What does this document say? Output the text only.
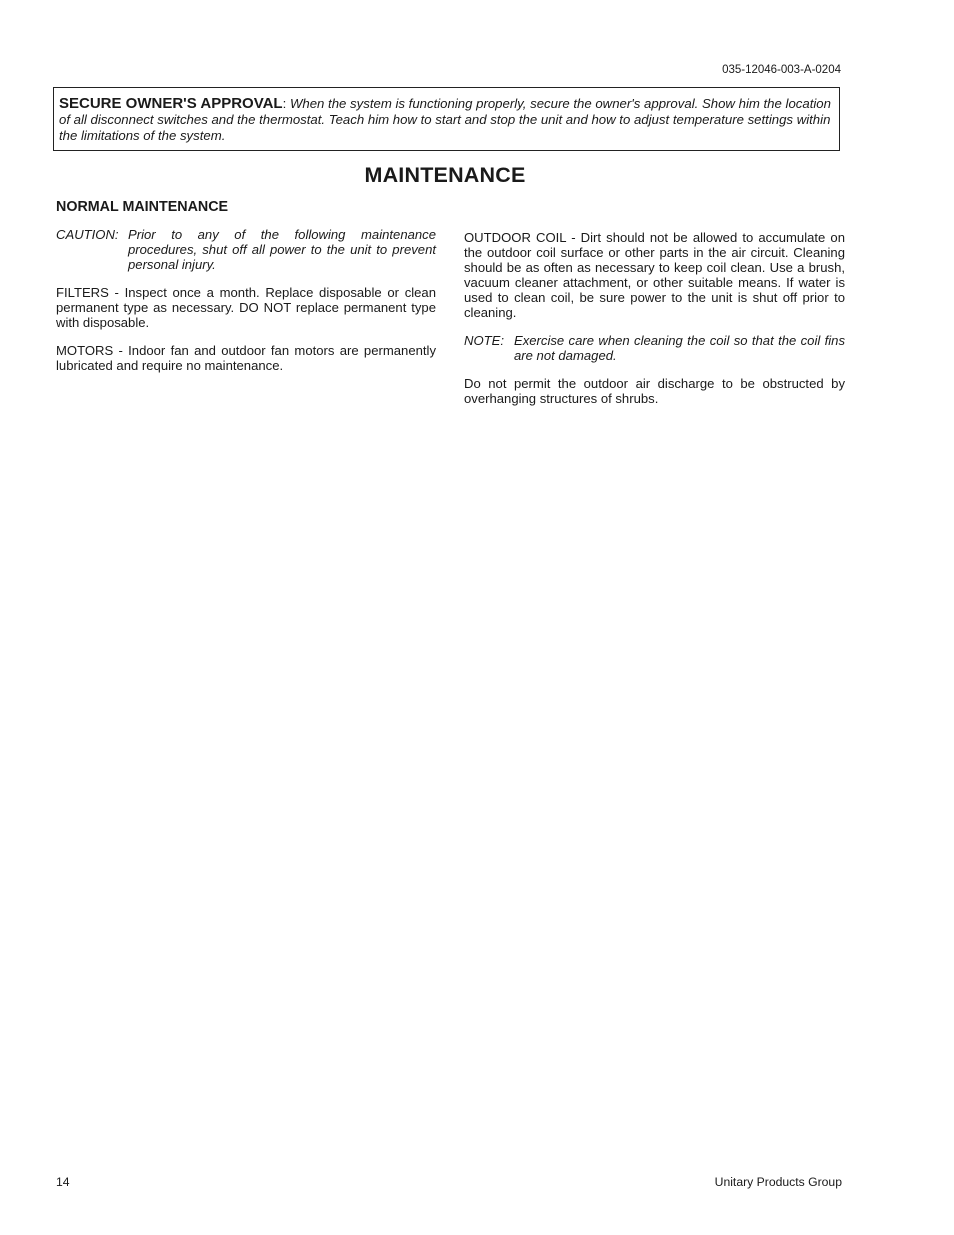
035-12046-003-A-0204
SECURE OWNER'S APPROVAL: When the system is functioning properly, secure the owner's approval. Show him the location of all disconnect switches and the thermostat. Teach him how to start and stop the unit and how to adjust temperature settings within the limitations of the system.
MAINTENANCE
NORMAL MAINTENANCE
CAUTION: Prior to any of the following maintenance procedures, shut off all power to the unit to prevent personal injury.

FILTERS - Inspect once a month. Replace disposable or clean permanent type as necessary. DO NOT replace permanent type with disposable.

MOTORS - Indoor fan and outdoor fan motors are permanently lubricated and require no maintenance.

OUTDOOR COIL - Dirt should not be allowed to accumulate on the outdoor coil surface or other parts in the air circuit. Cleaning should be as often as necessary to keep coil clean. Use a brush, vacuum cleaner attachment, or other suitable means. If water is used to clean coil, be sure power to the unit is shut off prior to cleaning.

NOTE: Exercise care when cleaning the coil so that the coil fins are not damaged.

Do not permit the outdoor air discharge to be obstructed by overhanging structures of shrubs.

14	Unitary Products Group
